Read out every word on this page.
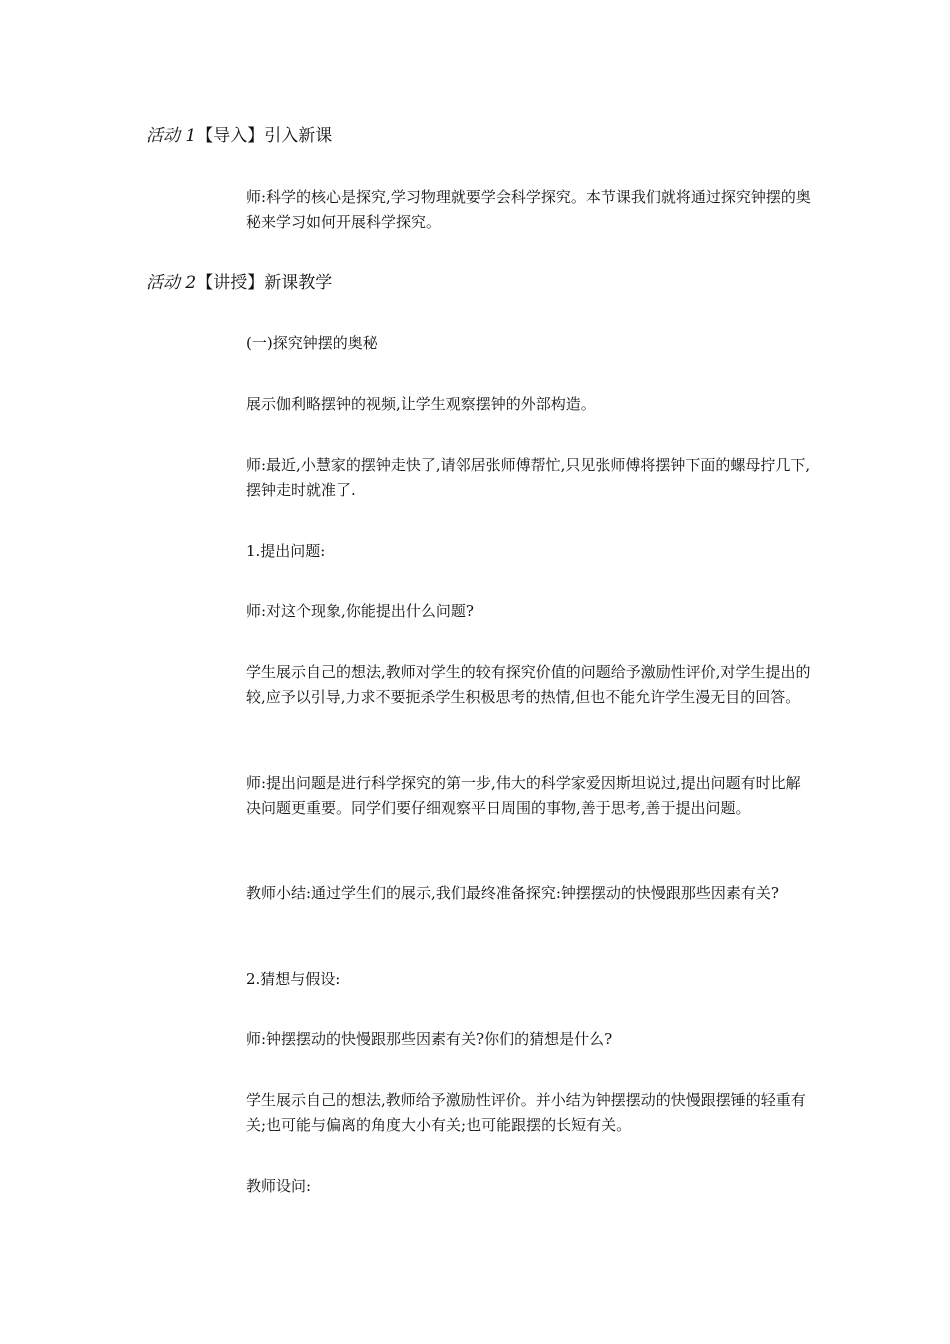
活动 1【导入】引入新课

师:科学的核心是探究,学习物理就要学会科学探究。本节课我们就将通过探究钟摆的奥秘来学习如何开展科学探究。

活动 2【讲授】新课教学

(一)探究钟摆的奥秘

展示伽利略摆钟的视频,让学生观察摆钟的外部构造。

师:最近,小慧家的摆钟走快了,请邻居张师傅帮忙,只见张师傅将摆钟下面的螺母拧几下,摆钟走时就准了.

1.提出问题:

师:对这个现象,你能提出什么问题?

学生展示自己的想法,教师对学生的较有探究价值的问题给予激励性评价,对学生提出的较,应予以引导,力求不要扼杀学生积极思考的热情,但也不能允许学生漫无目的回答。

师:提出问题是进行科学探究的第一步,伟大的科学家爱因斯坦说过,提出问题有时比解决问题更重要。同学们要仔细观察平日周围的事物,善于思考,善于提出问题。

教师小结:通过学生们的展示,我们最终准备探究:钟摆摆动的快慢跟那些因素有关?

2.猜想与假设:

师:钟摆摆动的快慢跟那些因素有关?你们的猜想是什么?

学生展示自己的想法,教师给予激励性评价。并小结为钟摆摆动的快慢跟摆锤的轻重有关;也可能与偏离的角度大小有关;也可能跟摆的长短有关。

教师设问:
